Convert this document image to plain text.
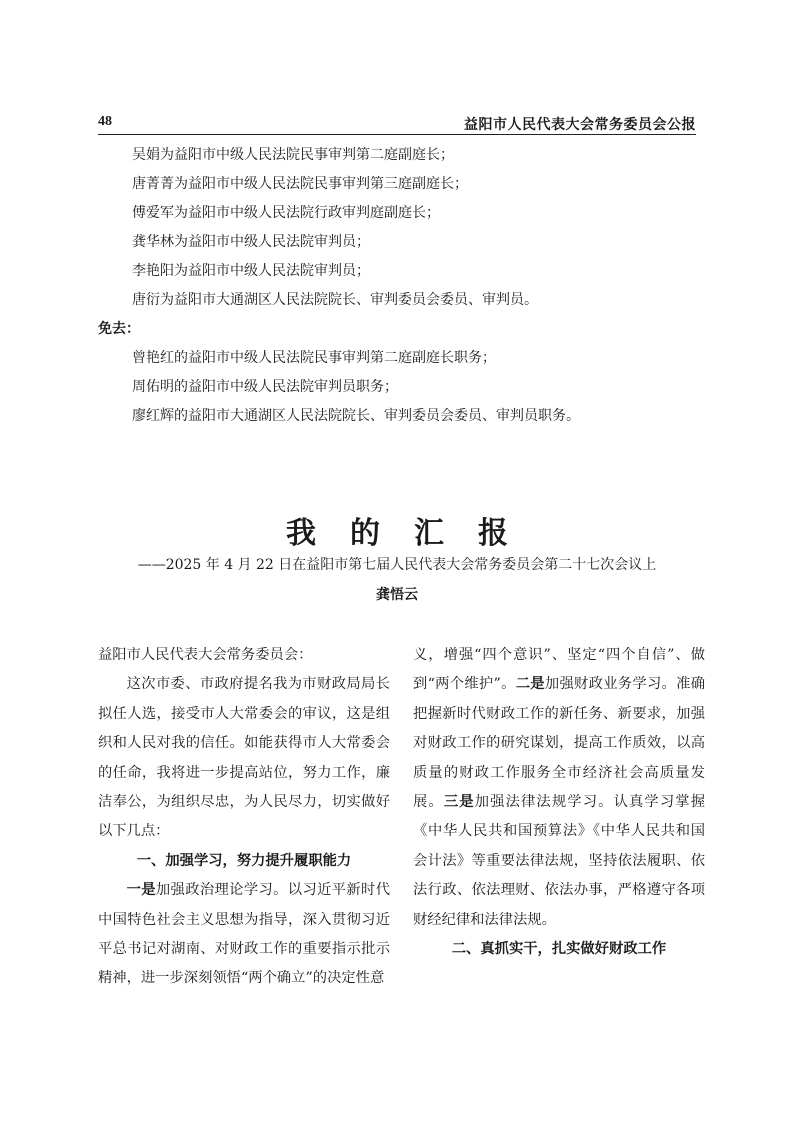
48	益阳市人民代表大会常务委员会公报
吴娟为益阳市中级人民法院民事审判第二庭副庭长；
唐菁菁为益阳市中级人民法院民事审判第三庭副庭长；
傅爱军为益阳市中级人民法院行政审判庭副庭长；
龚华林为益阳市中级人民法院审判员；
李艳阳为益阳市中级人民法院审判员；
唐衍为益阳市大通湖区人民法院院长、审判委员会委员、审判员。
免去：
曾艳红的益阳市中级人民法院民事审判第二庭副庭长职务；
周佑明的益阳市中级人民法院审判员职务；
廖红辉的益阳市大通湖区人民法院院长、审判委员会委员、审判员职务。
我的汇报
——2025 年 4 月 22 日在益阳市第七届人民代表大会常务委员会第二十七次会议上
龚悟云

益阳市人民代表大会常务委员会：

这次市委、市政府提名我为市财政局局长拟任人选，接受市人大常委会的审议，这是组织和人民对我的信任。如能获得市人大常委会的任命，我将进一步提高站位，努力工作，廉洁奉公，为组织尽忠，为人民尽力，切实做好以下几点：

一、加强学习，努力提升履职能力

一是加强政治理论学习。以习近平新时代中国特色社会主义思想为指导，深入贯彻习近平总书记对湖南、对财政工作的重要指示批示精神，进一步深刻领悟“两个确立”的决定性意

义，增强“四个意识”、坚定“四个自信”、做到“两个维护”。二是加强财政业务学习。准确把握新时代财政工作的新任务、新要求，加强对财政工作的研究谋划，提高工作质效，以高质量的财政工作服务全市经济社会高质量发展。三是加强法律法规学习。认真学习掌握《中华人民共和国预算法》《中华人民共和国会计法》等重要法律法规，坚持依法履职、依法行政、依法理财、依法办事，严格遵守各项财经纪律和法律法规。

二、真抓实干，扎实做好财政工作
